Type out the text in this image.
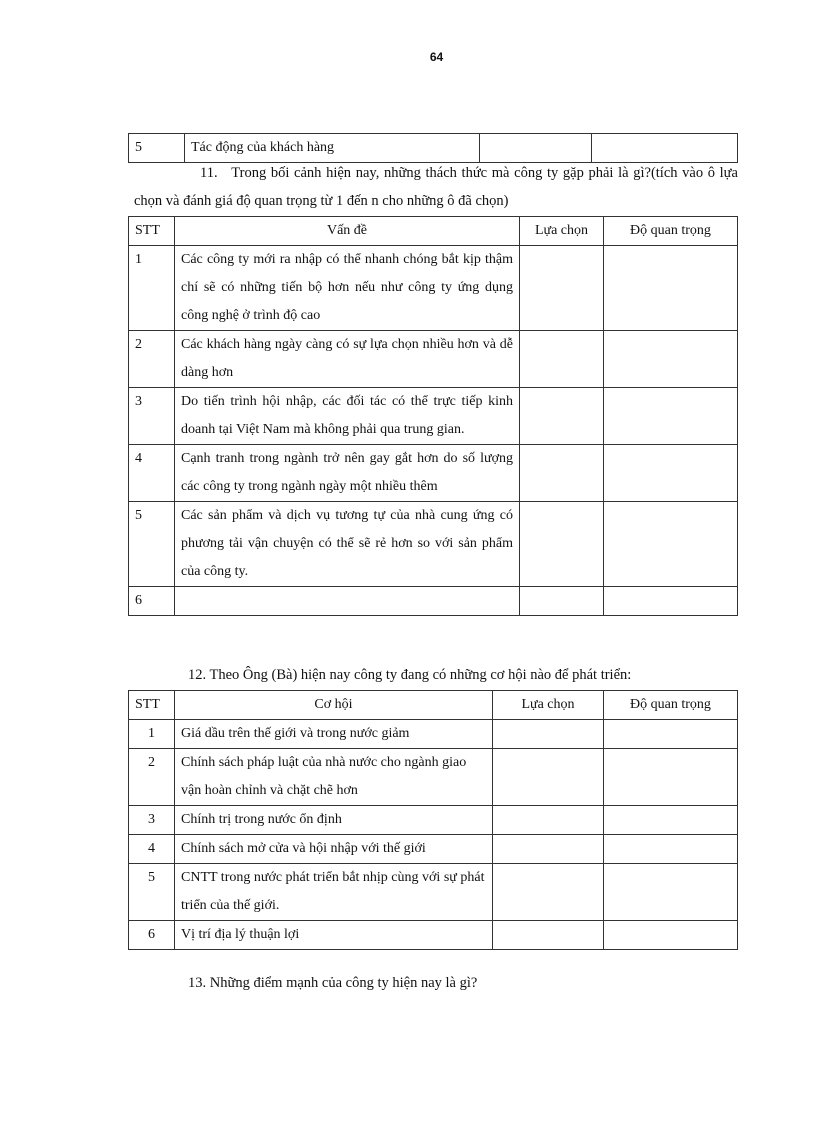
64
5	Tác động của khách hàng		
11. Trong bối cảnh hiện nay, những thách thức mà công ty gặp phải là gì?(tích vào ô lựa chọn và đánh giá độ quan trọng từ 1 đến n cho những ô đã chọn)
STT	Vấn đề	Lựa chọn	Độ quan trọng
1	Các công ty mới ra nhập có thể nhanh chóng bắt kịp thậm chí sẽ có những tiến bộ hơn nếu như công ty ứng dụng công nghệ ở trình độ cao		
2	Các khách hàng ngày càng có sự lựa chọn nhiều hơn và dễ dàng hơn		
3	Do tiến trình hội nhập, các đối tác có thể trực tiếp kinh doanh tại Việt Nam mà không phải qua trung gian.		
4	Cạnh tranh trong ngành trở nên gay gắt hơn do số lượng các công ty trong ngành ngày một nhiều thêm		
5	Các sản phẩm và dịch vụ tương tự của nhà cung ứng có phương tải vận chuyện có thể sẽ rẻ hơn so với sản phẩm của công ty.		
6			
12. Theo Ông (Bà) hiện nay công ty đang có những cơ hội nào để phát triển:
STT	Cơ hội	Lựa chọn	Độ quan trọng
1	Giá dầu trên thế giới và trong nước giảm		
2	Chính sách pháp luật của nhà nước cho ngành giao vận hoàn chỉnh và chặt chẽ hơn		
3	Chính trị trong nước ổn định		
4	Chính sách mở cửa và hội nhập với thế giới		
5	CNTT trong nước phát triển bắt nhịp cùng với sự phát triển của thế giới.		
6	Vị trí địa lý thuận lợi		
13. Những điểm mạnh của công ty hiện nay là gì?
